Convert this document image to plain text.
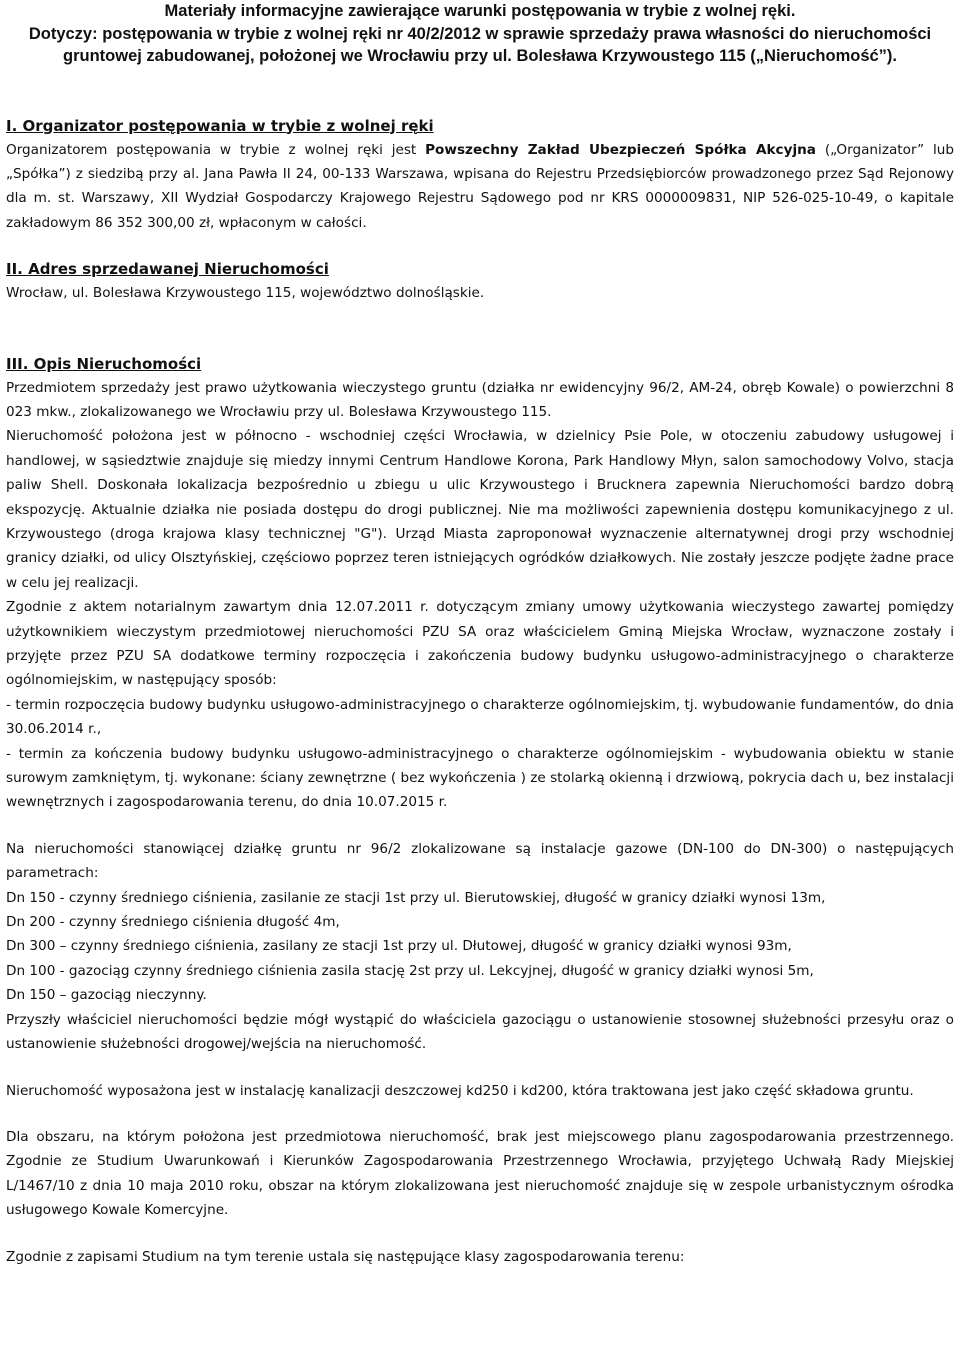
Materiały informacyjne zawierające warunki postępowania w trybie z wolnej ręki.
Dotyczy: postępowania w trybie z wolnej ręki nr 40/2/2012 w sprawie sprzedaży prawa własności do nieruchomości gruntowej zabudowanej, położonej we Wrocławiu przy ul. Bolesława Krzywoustego 115 („Nieruchomość”).
I. Organizator postępowania w trybie z wolnej ręki

Organizatorem postępowania w trybie z wolnej ręki jest Powszechny Zakład Ubezpieczeń Spółka Akcyjna („Organizator” lub „Spółka”) z siedzibą przy al. Jana Pawła II 24, 00-133 Warszawa, wpisana do Rejestru Przedsiębiorców prowadzonego przez Sąd Rejonowy dla m. st. Warszawy, XII Wydział Gospodarczy Krajowego Rejestru Sądowego pod nr KRS 0000009831, NIP 526-025-10-49, o kapitale zakładowym 86 352 300,00 zł, wpłaconym w całości.

II. Adres sprzedawanej Nieruchomości

Wrocław, ul. Bolesława Krzywoustego 115, województwo dolnośląskie.

III. Opis Nieruchomości

Przedmiotem sprzedaży jest prawo użytkowania wieczystego gruntu (działka nr ewidencyjny 96/2, AM-24, obręb Kowale) o powierzchni 8 023 mkw., zlokalizowanego we Wrocławiu przy ul. Bolesława Krzywoustego 115.

Nieruchomość położona jest w północno - wschodniej części Wrocławia, w dzielnicy Psie Pole, w otoczeniu zabudowy usługowej i handlowej, w sąsiedztwie znajduje się miedzy innymi Centrum Handlowe Korona, Park Handlowy Młyn, salon samochodowy Volvo, stacja paliw Shell. Doskonała lokalizacja bezpośrednio u zbiegu u ulic Krzywoustego i Brucknera zapewnia Nieruchomości bardzo dobrą ekspozycję. Aktualnie działka nie posiada dostępu do drogi publicznej. Nie ma możliwości zapewnienia dostępu komunikacyjnego z ul. Krzywoustego (droga krajowa klasy technicznej "G"). Urząd Miasta zaproponował wyznaczenie alternatywnej drogi przy wschodniej granicy działki, od ulicy Olsztyńskiej, częściowo poprzez teren istniejących ogródków działkowych. Nie zostały jeszcze podjęte żadne prace w celu jej realizacji.

Zgodnie z aktem notarialnym zawartym dnia 12.07.2011 r. dotyczącym zmiany umowy użytkowania wieczystego zawartej pomiędzy użytkownikiem wieczystym przedmiotowej nieruchomości PZU SA oraz właścicielem Gminą Miejska Wrocław, wyznaczone zostały i przyjęte przez PZU SA dodatkowe terminy rozpoczęcia i zakończenia budowy budynku usługowo-administracyjnego o charakterze ogólnomiejskim, w następujący sposób:

- termin rozpoczęcia budowy budynku usługowo-administracyjnego o charakterze ogólnomiejskim, tj. wybudowanie fundamentów, do dnia 30.06.2014 r.,

- termin za kończenia budowy budynku usługowo-administracyjnego o charakterze ogólnomiejskim - wybudowania obiektu w stanie surowym zamkniętym, tj. wykonane: ściany zewnętrzne ( bez wykończenia ) ze stolarką okienną i drzwiową, pokrycia dach u, bez instalacji wewnętrznych i zagospodarowania terenu, do dnia 10.07.2015 r.

Na nieruchomości stanowiącej działkę gruntu nr 96/2 zlokalizowane są instalacje gazowe (DN-100 do DN-300) o następujących parametrach:

Dn 150 - czynny średniego ciśnienia, zasilanie ze stacji 1st przy ul. Bierutowskiej, długość w granicy działki wynosi 13m,

Dn 200 - czynny średniego ciśnienia długość 4m,

Dn 300 – czynny średniego ciśnienia, zasilany ze stacji 1st przy ul. Dłutowej, długość w granicy działki wynosi 93m,

Dn 100 - gazociąg czynny średniego ciśnienia zasila stację 2st przy ul. Lekcyjnej, długość w granicy działki wynosi 5m,

Dn 150 – gazociąg nieczynny.

Przyszły właściciel nieruchomości będzie mógł wystąpić do właściciela gazociągu o ustanowienie stosownej służebności przesyłu oraz o ustanowienie służebności drogowej/wejścia na nieruchomość.

Nieruchomość wyposażona jest w instalację kanalizacji deszczowej kd250 i kd200, która traktowana jest jako część składowa gruntu.

Dla obszaru, na którym położona jest przedmiotowa nieruchomość, brak jest miejscowego planu zagospodarowania przestrzennego. Zgodnie ze Studium Uwarunkowań i Kierunków Zagospodarowania Przestrzennego Wrocławia, przyjętego Uchwałą Rady Miejskiej L/1467/10 z dnia 10 maja 2010 roku, obszar na którym zlokalizowana jest nieruchomość znajduje się w zespole urbanistycznym ośrodka usługowego Kowale Komercyjne.

Zgodnie z zapisami Studium na tym terenie ustala się następujące klasy zagospodarowania terenu:
